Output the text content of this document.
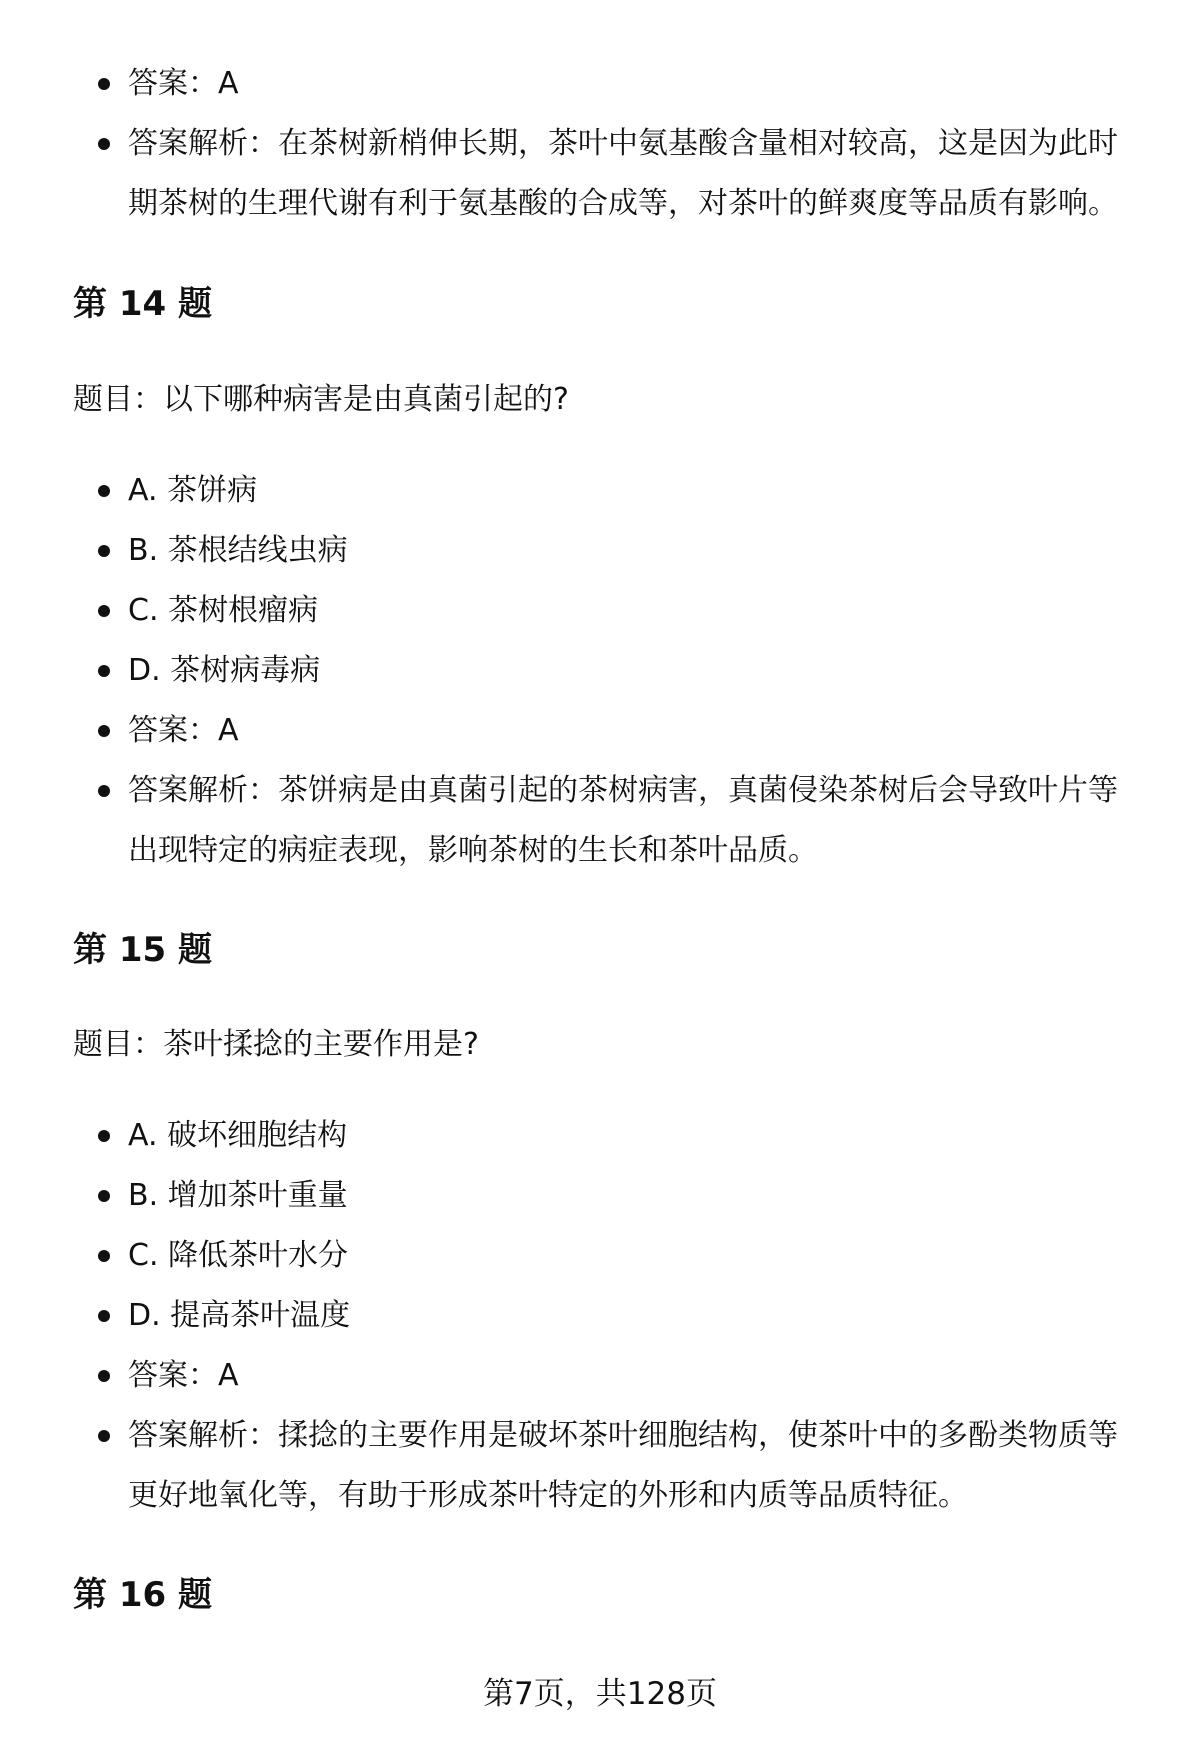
答案：A
答案解析：在茶树新梢伸长期，茶叶中氨基酸含量相对较高，这是因为此时期茶树的生理代谢有利于氨基酸的合成等，对茶叶的鲜爽度等品质有影响。
第 14 题

题目：以下哪种病害是由真菌引起的?

A. 茶饼病
B. 茶根结线虫病
C. 茶树根瘤病
D. 茶树病毒病
答案：A
答案解析：茶饼病是由真菌引起的茶树病害，真菌侵染茶树后会导致叶片等出现特定的病症表现，影响茶树的生长和茶叶品质。
第 15 题

题目：茶叶揉捻的主要作用是?

A. 破坏细胞结构
B. 增加茶叶重量
C. 降低茶叶水分
D. 提高茶叶温度
答案：A
答案解析：揉捻的主要作用是破坏茶叶细胞结构，使茶叶中的多酚类物质等更好地氧化等，有助于形成茶叶特定的外形和内质等品质特征。
第 16 题
第7页，共128页
